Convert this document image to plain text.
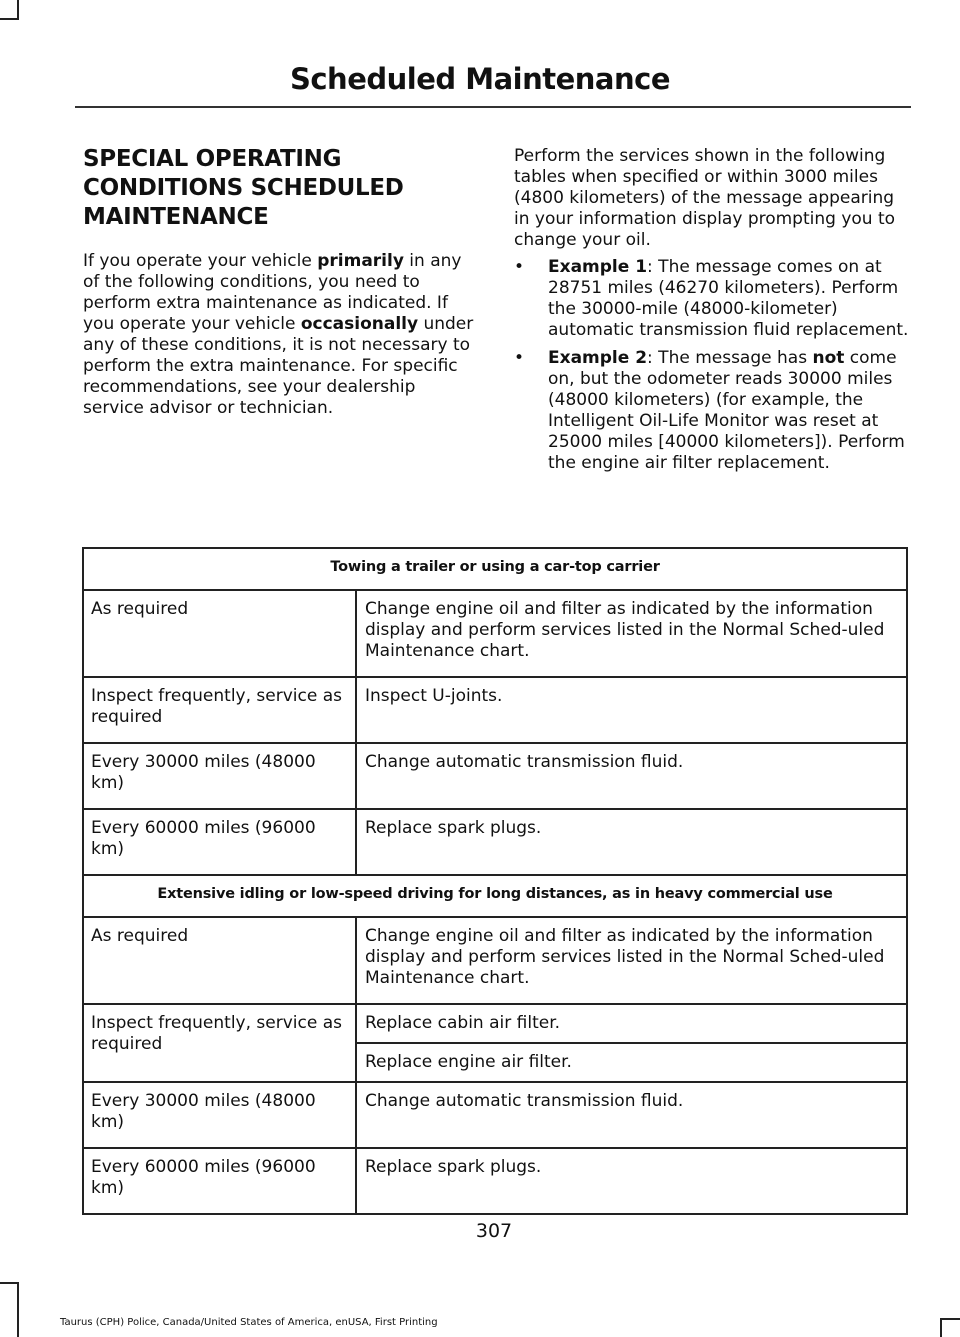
Scheduled Maintenance
SPECIAL OPERATING CONDITIONS SCHEDULED MAINTENANCE

If you operate your vehicle primarily in any of the following conditions, you need to perform extra maintenance as indicated. If you operate your vehicle occasionally under any of these conditions, it is not necessary to perform the extra maintenance. For specific recommendations, see your dealership service advisor or technician.

Perform the services shown in the following tables when specified or within 3000 miles (4800 kilometers) of the message appearing in your information display prompting you to change your oil.

• Example 1: The message comes on at 28751 miles (46270 kilometers). Perform the 30000-mile (48000-kilometer) automatic transmission fluid replacement.
• Example 2: The message has not come on, but the odometer reads 30000 miles (48000 kilometers) (for example, the Intelligent Oil-Life Monitor was reset at 25000 miles [40000 kilometers]). Perform the engine air filter replacement.
Towing a trailer or using a car-top carrier	
As required	Change engine oil and filter as indicated by the information display and perform services listed in the Normal Sched-uled Maintenance chart.
Inspect frequently, service as required	Inspect U-joints.
Every 30000 miles (48000 km)	Change automatic transmission fluid.
Every 60000 miles (96000 km)	Replace spark plugs.
Extensive idling or low-speed driving for long distances, as in heavy commercial use	
As required	Change engine oil and filter as indicated by the information display and perform services listed in the Normal Sched-uled Maintenance chart.
Inspect frequently, service as required	Replace cabin air filter.
	Replace engine air filter.
Every 30000 miles (48000 km)	Change automatic transmission fluid.
Every 60000 miles (96000 km)	Replace spark plugs.
307
Taurus (CPH) Police, Canada/United States of America, enUSA, First Printing
